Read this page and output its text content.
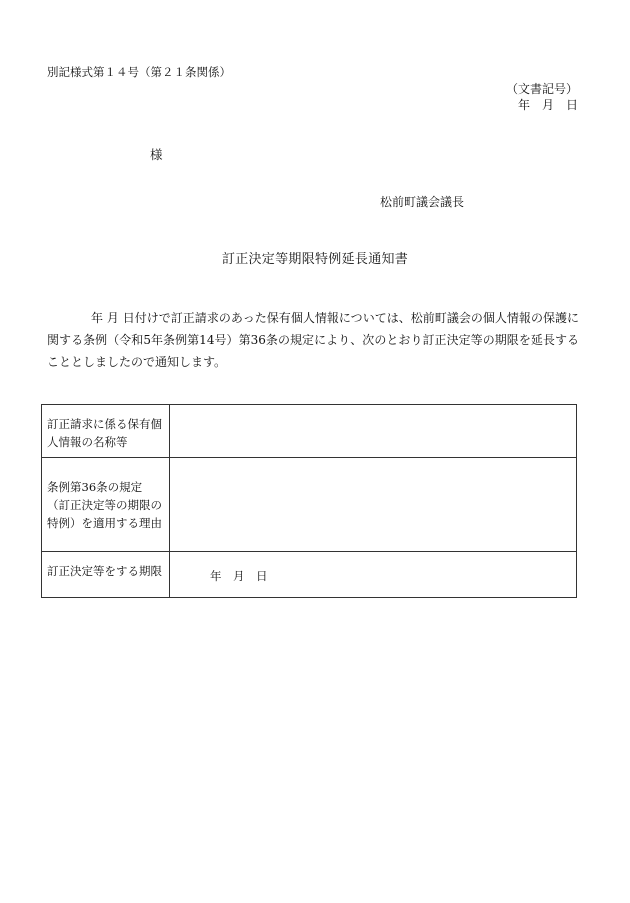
別記様式第１４号（第２１条関係）
（文書記号）
年　月　日
様
松前町議会議長
訂正決定等期限特例延長通知書
年 月 日付けで訂正請求のあった保有個人情報については、松前町議会の個人情報の保護に関する条例（令和5年条例第14号）第36条の規定により、次のとおり訂正決定等の期限を延長することとしましたので通知します。
訂正請求に係る保有個人情報の名称等	
条例第36条の規定（訂正決定等の期限の特例）を適用する理由	
訂正決定等をする期限	年　月　日
